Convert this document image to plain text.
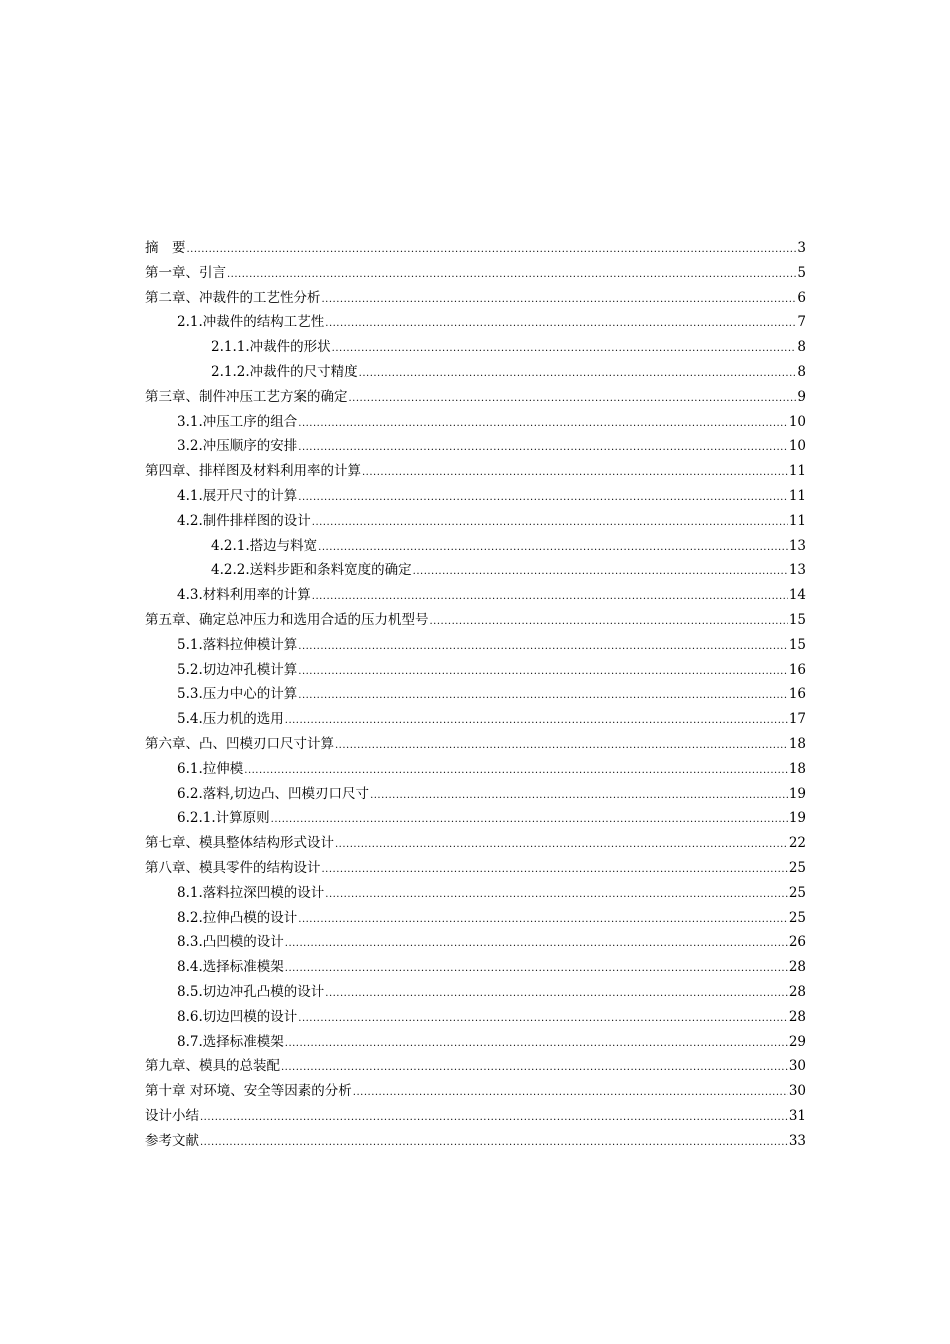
摘　要 .....	3
第一章、引言 .....	5
第二章、冲裁件的工艺性分析 .....	6
2.1.冲裁件的结构工艺性 .....	7
2.1.1.冲裁件的形状 .....	8
2.1.2.冲裁件的尺寸精度 .....	8
第三章、制件冲压工艺方案的确定 .....	9
3.1.冲压工序的组合 .....	10
3.2.冲压顺序的安排 .....	10
第四章、排样图及材料利用率的计算 .....	11
4.1.展开尺寸的计算 .....	11
4.2.制件排样图的设计 .....	11
4.2.1.搭边与料宽 .....	13
4.2.2.送料步距和条料宽度的确定 .....	13
4.3.材料利用率的计算 .....	14
第五章、确定总冲压力和选用合适的压力机型号 .....	15
5.1.落料拉伸模计算 .....	15
5.2.切边冲孔模计算 .....	16
5.3.压力中心的计算 .....	16
5.4.压力机的选用 .....	17
第六章、凸、凹模刃口尺寸计算 .....	18
6.1.拉伸模 .....	18
6.2.落料,切边凸、凹模刃口尺寸 .....	19
6.2.1.计算原则 .....	19
第七章、模具整体结构形式设计 .....	22
第八章、模具零件的结构设计 .....	25
8.1.落料拉深凹模的设计 .....	25
8.2.拉伸凸模的设计 .....	25
8.3.凸凹模的设计 .....	26
8.4.选择标准模架 .....	28
8.5.切边冲孔凸模的设计 .....	28
8.6.切边凹模的设计 .....	28
8.7.选择标准模架 .....	29
第九章、模具的总装配 .....	30
第十章 对环境、安全等因素的分析 .....	30
设计小结 .....	31
参考文献 .....	33
